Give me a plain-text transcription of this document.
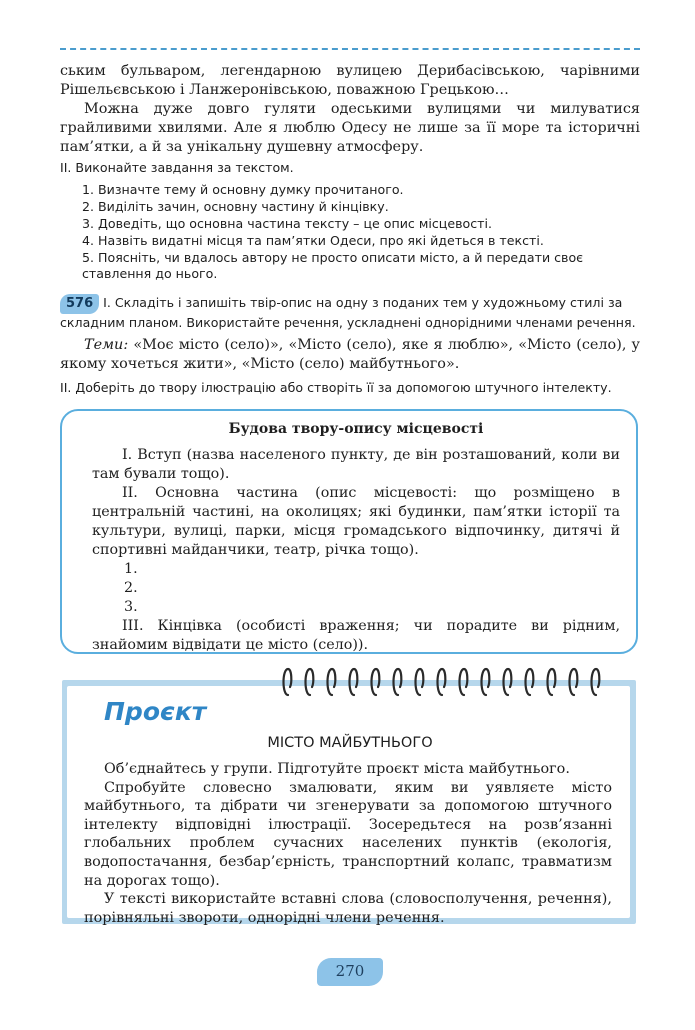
ським бульваром, легендарною вулицею Дерибасівською, чарівними Рішельєвською і Ланжеронівською, поважною Грецькою…

Можна дуже довго гуляти одеськими вулицями чи милуватися грайливими хвилями. Але я люблю Одесу не лише за її море та історичні пам’ятки, а й за унікальну душевну атмосферу.

ІІ. Виконайте завдання за текстом.
1. Визначте тему й основну думку прочитаного.
2. Виділіть зачин, основну частину й кінцівку.
3. Доведіть, що основна частина тексту – це опис місцевості.
4. Назвіть видатні місця та пам’ятки Одеси, про які йдеться в тексті.
5. Поясніть, чи вдалось автору не просто описати місто, а й передати своє ставлення до нього.

576 І. Складіть і запишіть твір-опис на одну з поданих тем у художньому стилі за складним планом. Використайте речення, ускладнені однорідними членами речення.

Теми: «Моє місто (село)», «Місто (село), яке я люблю», «Місто (село), у якому хочеться жити», «Місто (село) майбутнього».

ІІ. Доберіть до твору ілюстрацію або створіть її за допомогою штучного інтелекту.

Будова твору-опису місцевості

І. Вступ (назва населеного пункту, де він розташований, коли ви там бували тощо).

ІІ. Основна частина (опис місцевості: що розміщено в центральній частині, на околицях; які будинки, пам’ятки історії та культури, вулиці, парки, місця громадського відпочинку, дитячі й спортивні майданчики, театр, річка тощо).

1.

2.

3.

ІІІ. Кінцівка (особисті враження; чи порадите ви рідним, знайомим відвідати це місто (село)).

Проєкт
МІСТО МАЙБУТНЬОГО

Об’єднайтесь у групи. Підготуйте проєкт міста майбутнього.

Спробуйте словесно змалювати, яким ви уявляєте місто майбутнього, та дібрати чи згенерувати за допомогою штучного інтелекту відповідні ілюстрації. Зосередьтеся на розв’язанні глобальних проблем сучасних населених пунктів (екологія, водопостачання, безбар’єрність, транспортний колапс, травматизм на дорогах тощо).

У тексті використайте вставні слова (словосполучення, речення), порівняльні звороти, однорідні члени речення.

270
